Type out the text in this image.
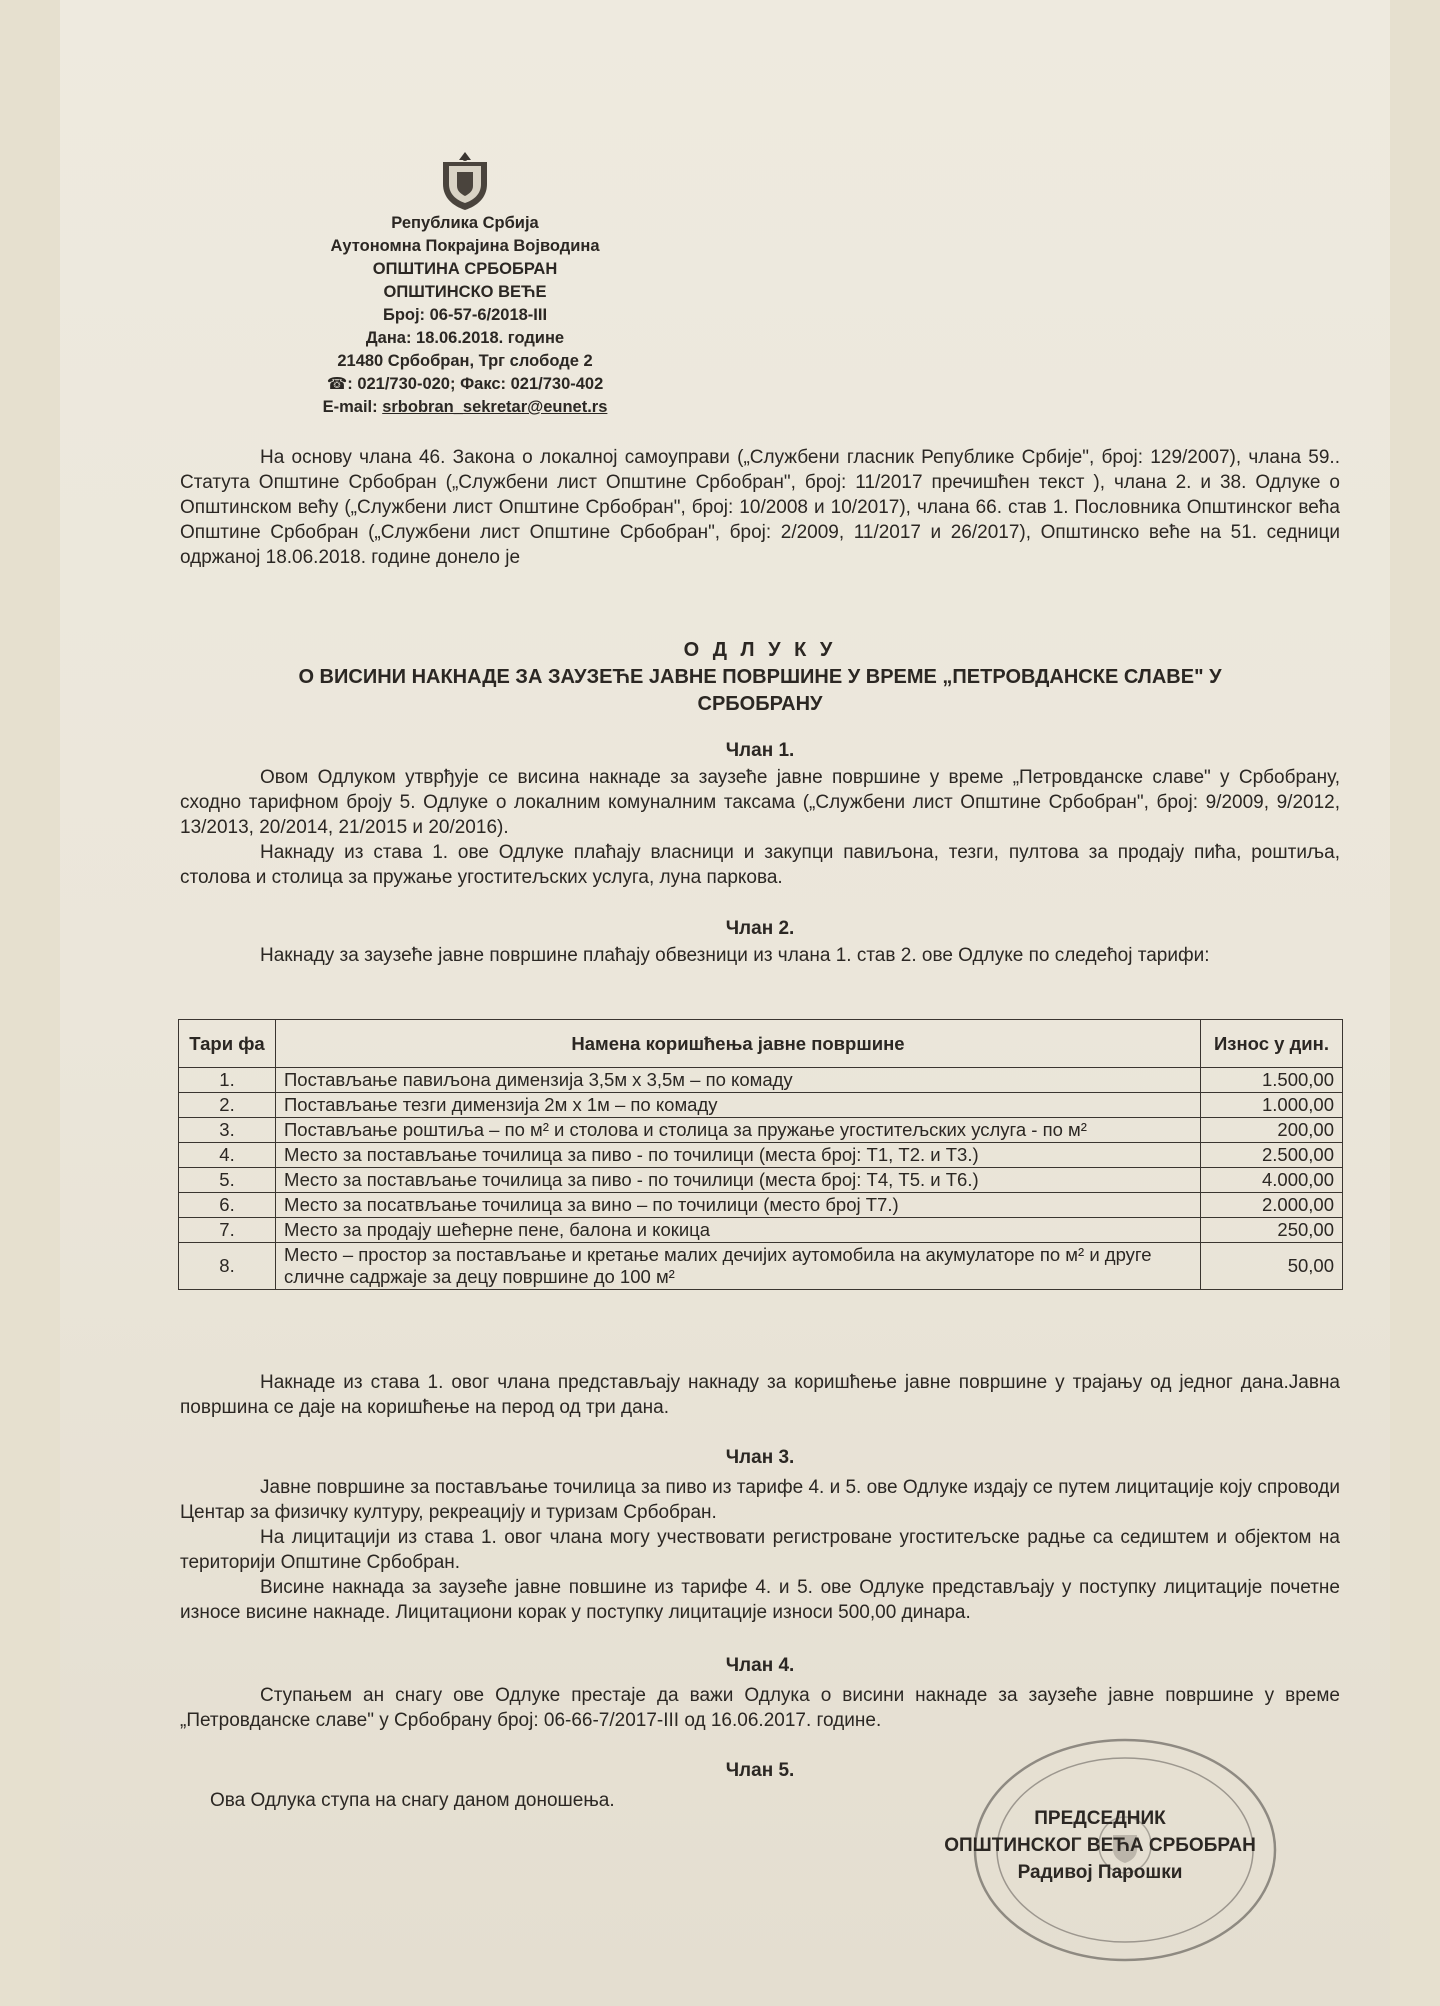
Република Србија
Аутономна Покрајина Војводина
ОПШТИНА СРБОБРАН
ОПШТИНСКО ВЕЋЕ
Број: 06-57-6/2018-III
Дана: 18.06.2018. године
21480 Србобран, Трг слободе 2
☎: 021/730-020; Факс: 021/730-402
E-mail: srbobran_sekretar@eunet.rs

На основу члана 46. Закона о локалној самоуправи („Службени гласник Републике Србије", број: 129/2007), члана 59.. Статута Општине Србобран („Службени лист Општине Србобран", број: 11/2017 пречишћен текст ), члана 2. и 38. Одлуке о Општинском већу („Службени лист Општине Србобран", број: 10/2008 и 10/2017), члана 66. став 1. Пословника Општинског већа Општине Србобран („Службени лист Општине Србобран", број: 2/2009, 11/2017 и 26/2017), Општинско веће на 51. седници одржаној 18.06.2018. године донело је

О Д Л У К У
О ВИСИНИ НАКНАДЕ ЗА ЗАУЗЕЋЕ ЈАВНЕ ПОВРШИНЕ У ВРЕМЕ „ПЕТРОВДАНСКЕ СЛАВЕ" У
СРБОБРАНУ
Члан 1.

Овом Одлуком утврђује се висина накнаде за заузеће јавне површине у време „Петровданске славе" у Србобрану, сходно тарифном броју 5. Одлуке о локалним комуналним таксама („Службени лист Општине Србобран", број: 9/2009, 9/2012, 13/2013, 20/2014, 21/2015 и 20/2016).

Накнаду из става 1. ове Одлуке плаћају власници и закупци павиљона, тезги, пултова за продају пића, роштиља, столова и столица за пружање угоститељских услуга, луна паркова.

Члан 2.

Накнаду за заузеће јавне површине плаћају обвезници из члана 1. став 2. ове Одлуке по следећој тарифи:

Тари фа	Намена коришћења јавне површине	Износ у дин.
1.	Постављање павиљона димензија 3,5м х 3,5м – по комаду	1.500,00
2.	Постављање тезги димензија 2м х 1м – по комаду	1.000,00
3.	Постављање роштиља – по м² и столова и столица за пружање угоститељских услуга - по м²	200,00
4.	Место за постављање точилица за пиво - по точилици (места број: Т1, Т2. и Т3.)	2.500,00
5.	Место за постављање точилица за пиво - по точилици (места број: Т4, Т5. и Т6.)	4.000,00
6.	Место за посатвљање точилица за вино – по точилици (место број Т7.)	2.000,00
7.	Место за продају шећерне пене, балона и кокица	250,00
8.	Место – простор за постављање и кретање малих дечијих аутомобила на акумулаторе по м² и друге сличне садржаје за децу површине до 100 м²	50,00

Накнаде из става 1. овог члана представљају накнаду за коришћење јавне површине у трајању од једног дана.Јавна површина се даје на коришћење на перод од три дана.

Члан 3.

Јавне површине за постављање точилица за пиво из тарифе 4. и 5. ове Одлуке издају се путем лицитације коју спроводи Центар за физичку културу, рекреацију и туризам Србобран.

На лицитацији из става 1. овог члана могу учествовати регистроване угоститељске радње са седиштем и објектом на територији Општине Србобран.

Висине накнада за заузеће јавне повшине из тарифе 4. и 5. ове Одлуке представљају у поступку лицитације почетне износе висине накнаде. Лицитациони корак у поступку лицитације износи 500,00 динара.

Члан 4.

Ступањем ан снагу ове Одлуке престаје да важи Одлука о висини накнаде за заузеће јавне површине у време „Петровданске славе" у Србобрану број: 06-66-7/2017-III од 16.06.2017. године.

Члан 5.

Ова Одлука ступа на снагу даном доношења.

ПРЕДСЕДНИК
ОПШТИНСКОГ ВЕЋА СРБОБРАН
Радивој Парошки
